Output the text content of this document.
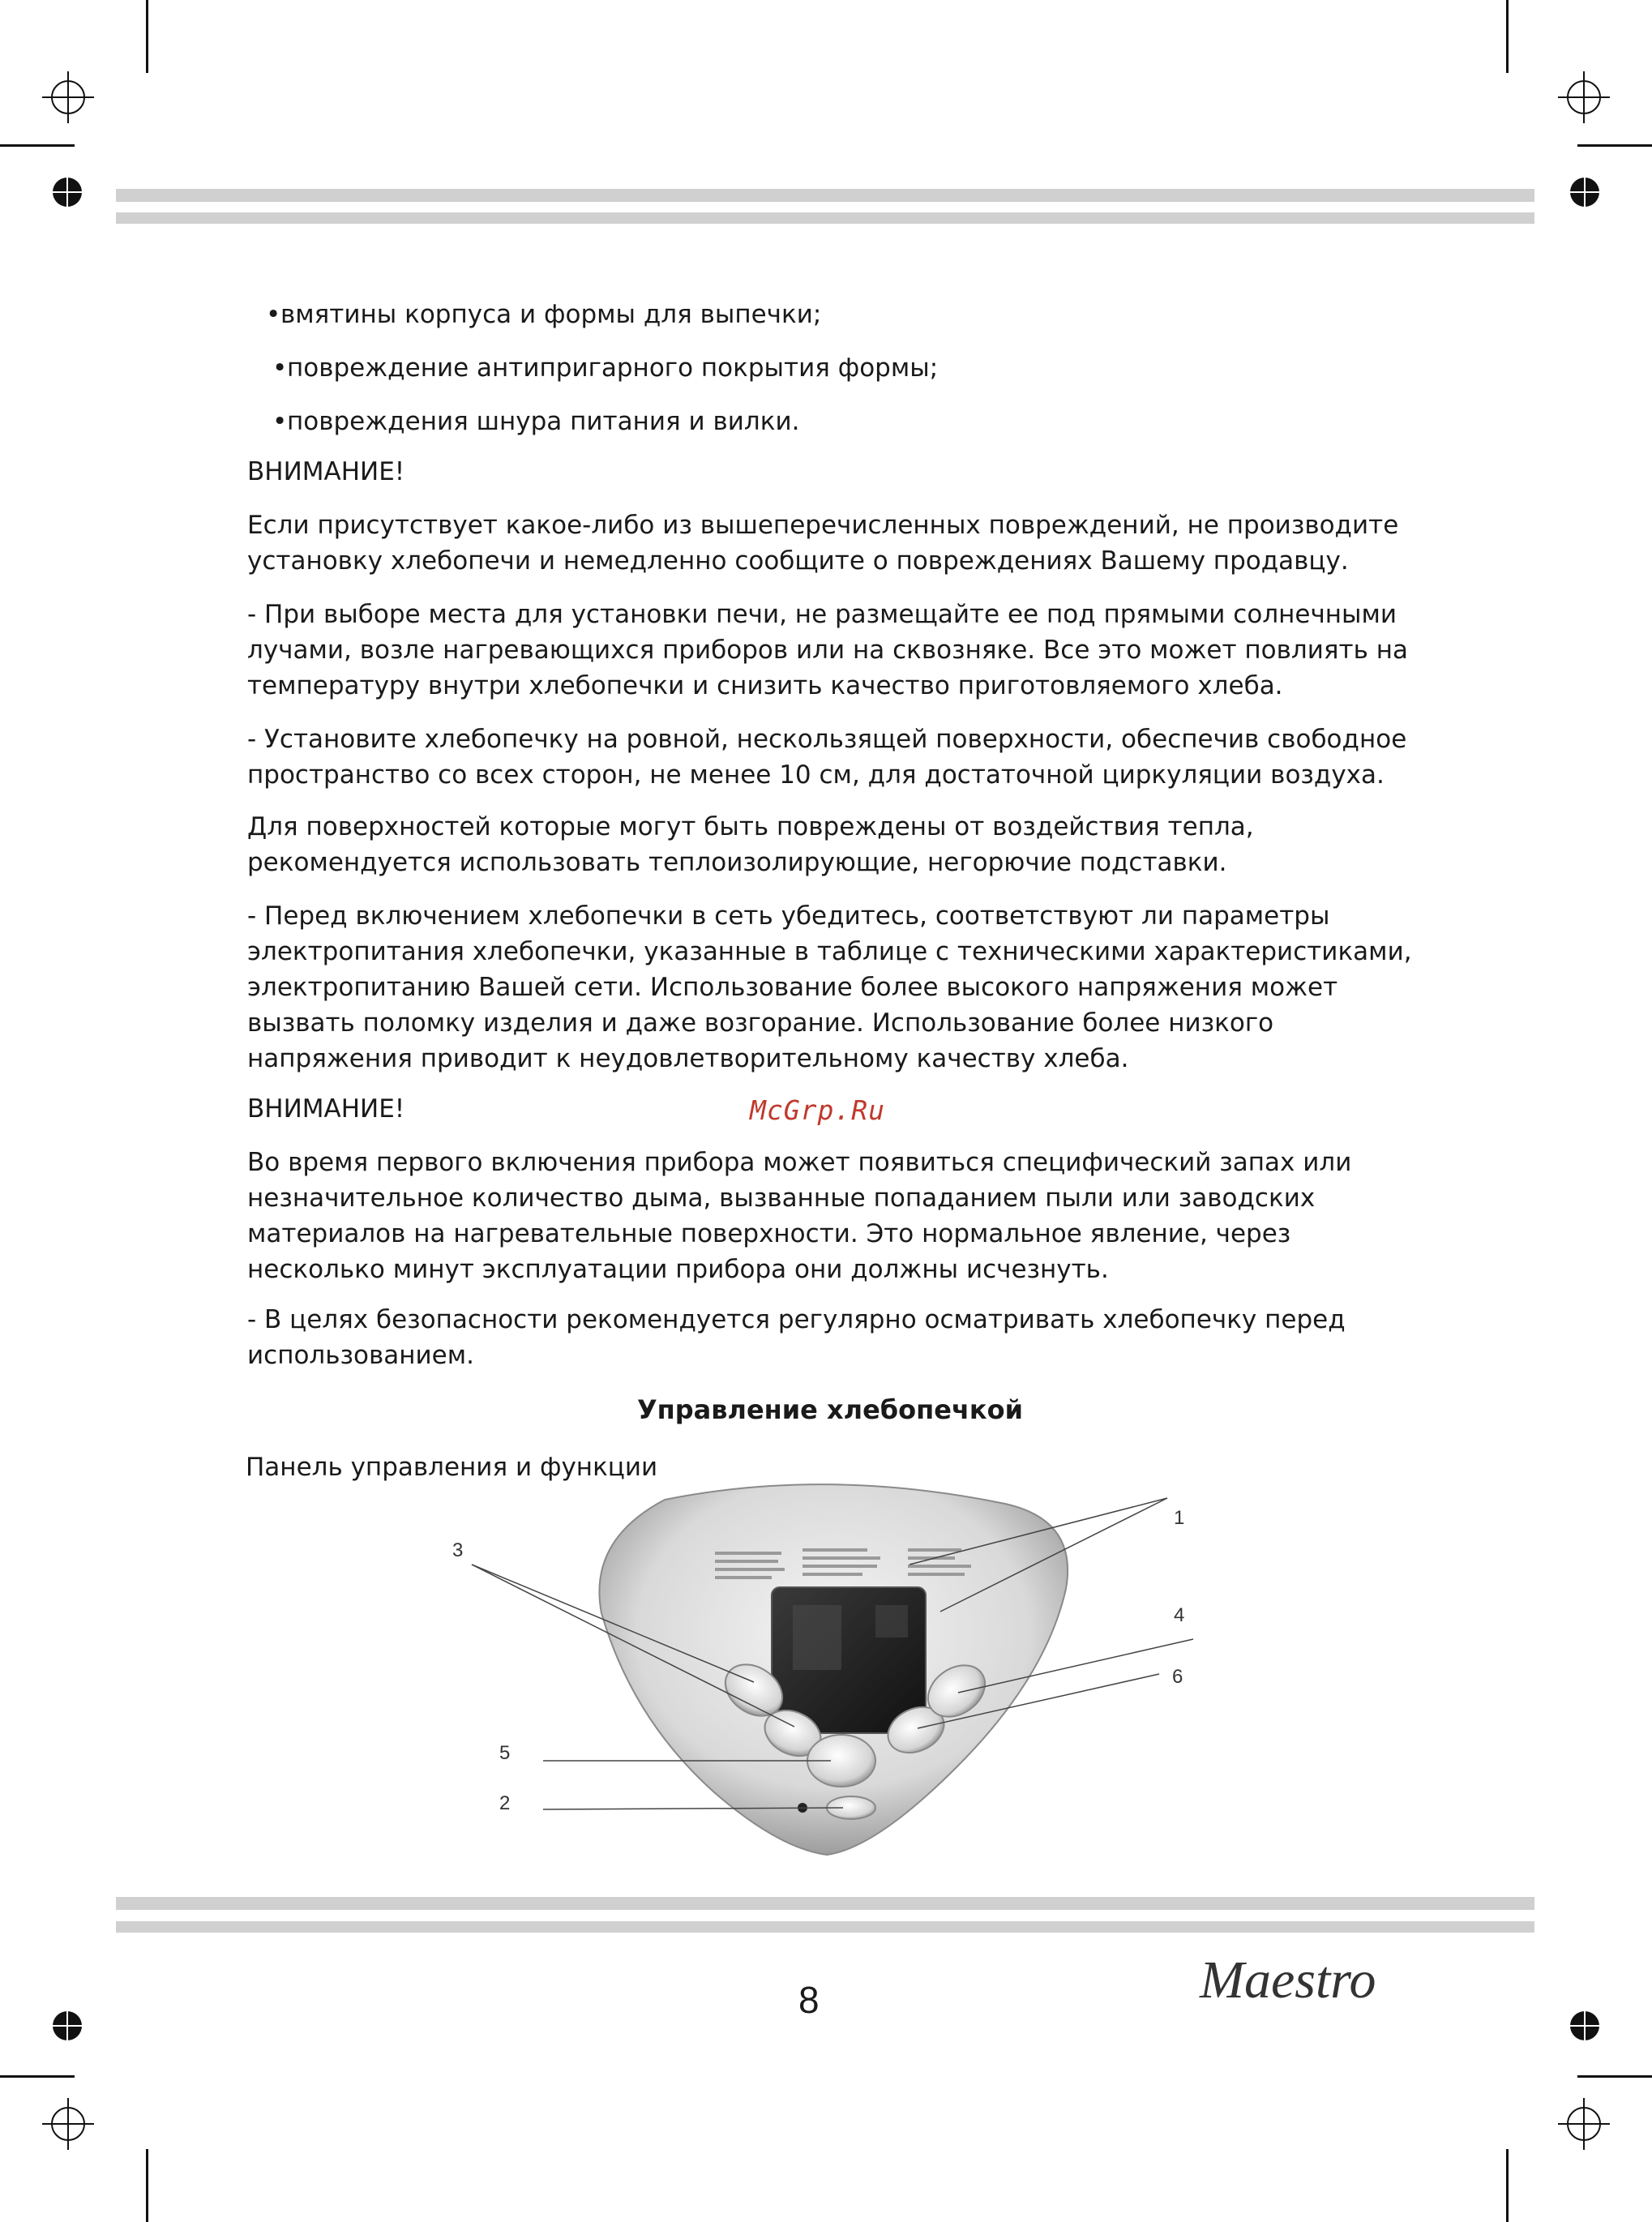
•вмятины корпуса и формы для выпечки;
•повреждение антипригарного покрытия формы;
•повреждения шнура питания и вилки.

ВНИМАНИЕ!

Если присутствует какое-либо из вышеперечисленных повреждений, не производите установку хлебопечи и немедленно сообщите о повреждениях Вашему продавцу.

- При выборе места для установки печи, не размещайте ее под прямыми солнечными лучами, возле нагревающихся приборов или на сквозняке. Все это может повлиять на температуру внутри хлебопечки и снизить качество приготовляемого хлеба.

- Установите хлебопечку на ровной, нескользящей поверхности, обеспечив свободное пространство со всех сторон, не менее 10 см, для достаточной циркуляции воздуха.

Для поверхностей которые могут быть повреждены от воздействия тепла, рекомендуется использовать теплоизолирующие, негорючие подставки.

- Перед включением хлебопечки в сеть убедитесь, соответствуют ли параметры электропитания хлебопечки, указанные в таблице с техническими характеристиками, электропитанию Вашей сети. Использование более высокого напряжения может вызвать поломку изделия и даже возгорание. Использование более низкого напряжения приводит к неудовлетворительному качеству хлеба.

ВНИМАНИЕ!	McGrp.Ru

Во время первого включения прибора может появиться специфический запах или незначительное количество дыма, вызванные попаданием пыли или заводских материалов на нагревательные поверхности. Это нормальное явление, через несколько минут эксплуатации прибора они должны исчезнуть.

- В целях безопасности рекомендуется регулярно осматривать хлебопечку перед использованием.

Управление хлебопечкой
Панель управления и функции
3
1
4
6
5
2
8	Maestro
